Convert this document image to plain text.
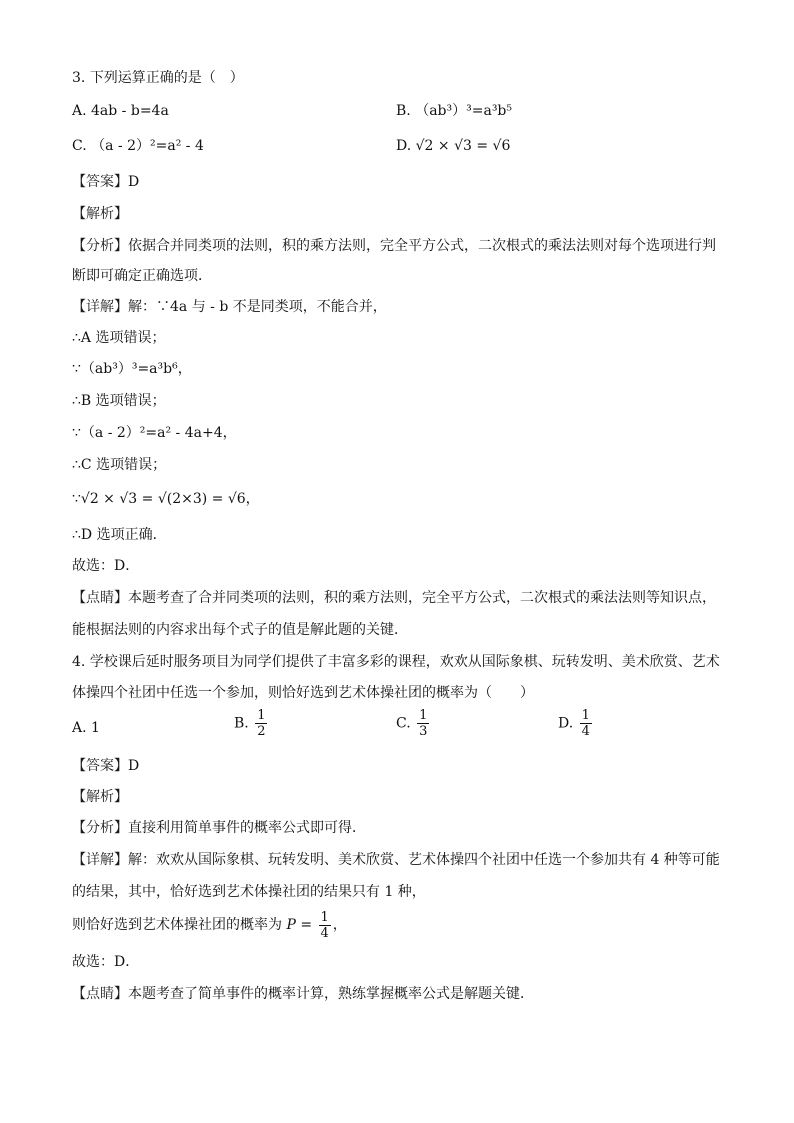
3. 下列运算正确的是（　）
A. 4ab - b=4a	B. （ab³）³=a³b⁵
C. （a - 2）²=a² - 4	D. √2 × √3 = √6
【答案】D
【解析】
【分析】依据合并同类项的法则，积的乘方法则，完全平方公式，二次根式的乘法法则对每个选项进行判
断即可确定正确选项．
【详解】解：∵4a 与 - b 不是同类项，不能合并，
∴A 选项错误；
∵（ab³）³=a³b⁶，
∴B 选项错误；
∵（a - 2）²=a² - 4a+4，
∴C 选项错误；
∵√2 × √3 = √(2×3) = √6，
∴D 选项正确．
故选：D．
【点睛】本题考查了合并同类项的法则，积的乘方法则，完全平方公式，二次根式的乘法法则等知识点，
能根据法则的内容求出每个式子的值是解此题的关键．
4. 学校课后延时服务项目为同学们提供了丰富多彩的课程，欢欢从国际象棋、玩转发明、美术欣赏、艺术
体操四个社团中任选一个参加，则恰好选到艺术体操社团的概率为（　　）
A. 1	B. $\frac{1}{2}$	C. $\frac{1}{3}$	D. $\frac{1}{4}$
【答案】D
【解析】
【分析】直接利用简单事件的概率公式即可得．
【详解】解：欢欢从国际象棋、玩转发明、美术欣赏、艺术体操四个社团中任选一个参加共有 4 种等可能
的结果，其中，恰好选到艺术体操社团的结果只有 1 种，
则恰好选到艺术体操社团的概率为 $P = \frac{1}{4}$ ，
故选：D．
【点睛】本题考查了简单事件的概率计算，熟练掌握概率公式是解题关键．
